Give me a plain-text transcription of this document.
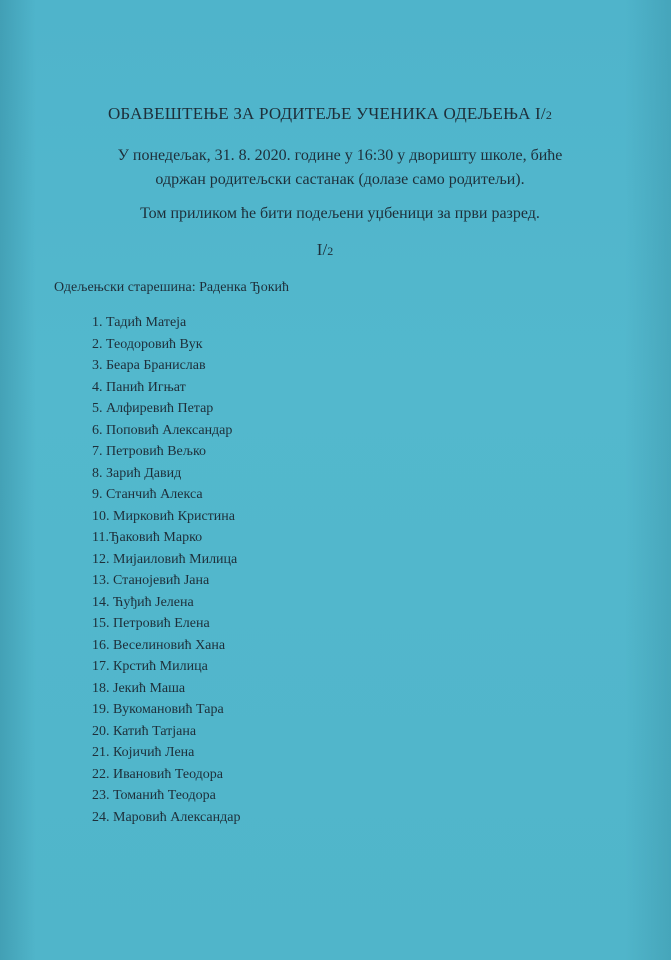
ОБАВЕШТЕЊЕ ЗА РОДИТЕЉЕ УЧЕНИКА ОДЕЉЕЊА I/2
У понедељак, 31. 8. 2020. године у 16:30 у дворишту школе, биће
одржан родитељски састанак (долазе само родитељи).
Том приликом ће бити подељени уџбеници за први разред.
I/2
Одељењски старешина: Раденка Ђокић
1. Тадић Матеја
2. Теодоровић Вук
3. Беара Бранислав
4. Панић Игњат
5. Алфиревић Петар
6. Поповић Александар
7. Петровић Вељко
8. Зарић Давид
9. Станчић Алекса
10. Мирковић Кристина
11.Ђаковић Марко
12. Мијаиловић Милица
13. Станојевић Јана
14. Ћуђић Јелена
15. Петровић Елена
16. Веселиновић Хана
17. Крстић Милица
18. Јекић Маша
19. Вукомановић Тара
20. Катић Татјана
21. Којичић Лена
22. Ивановић Теодора
23. Томанић Теодора
24. Маровић Александар
